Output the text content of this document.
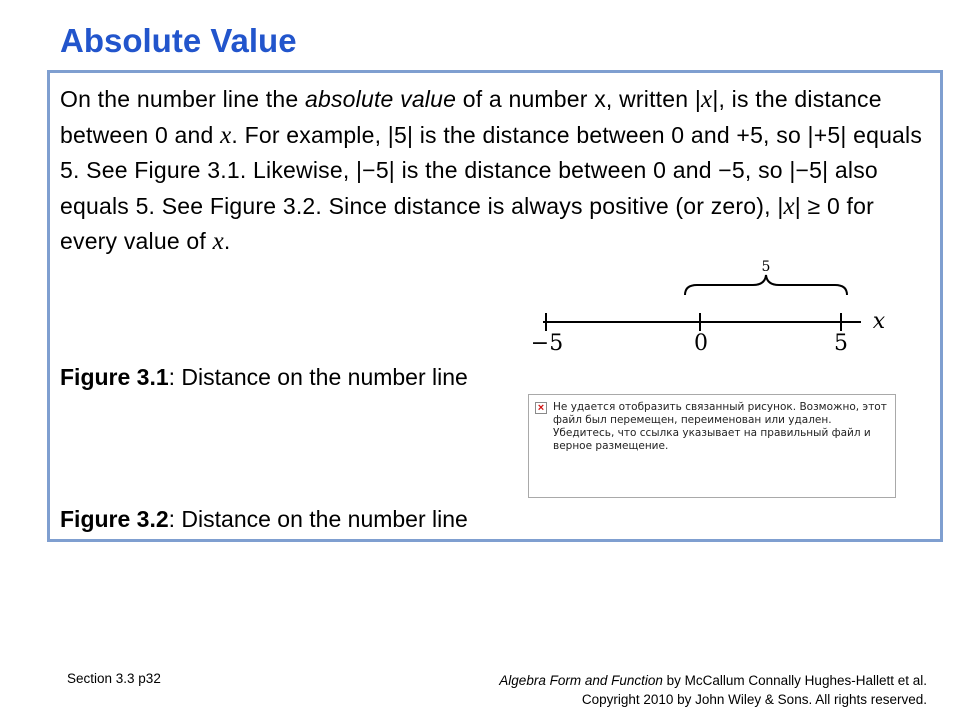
Absolute Value
On the number line the absolute value of a number x, written |x|, is the distance between 0 and x. For example, |5| is the distance between 0 and +5, so |+5| equals 5. See Figure 3.1. Likewise, |−5| is the distance between 0 and −5, so |−5| also equals 5. See Figure 3.2. Since distance is always positive (or zero), |x| ≥ 0 for every value of x.
5
−5	0	5
x
Figure 3.1: Distance on the number line
× Не удается отобразить связанный рисунок. Возможно, этот файл был перемещен, переименован или удален. Убедитесь, что ссылка указывает на правильный файл и верное размещение.
Figure 3.2: Distance on the number line
Section 3.3 p32	Algebra Form and Function by McCallum Connally Hughes-Hallett et al.
Copyright 2010 by John Wiley & Sons. All rights reserved.
